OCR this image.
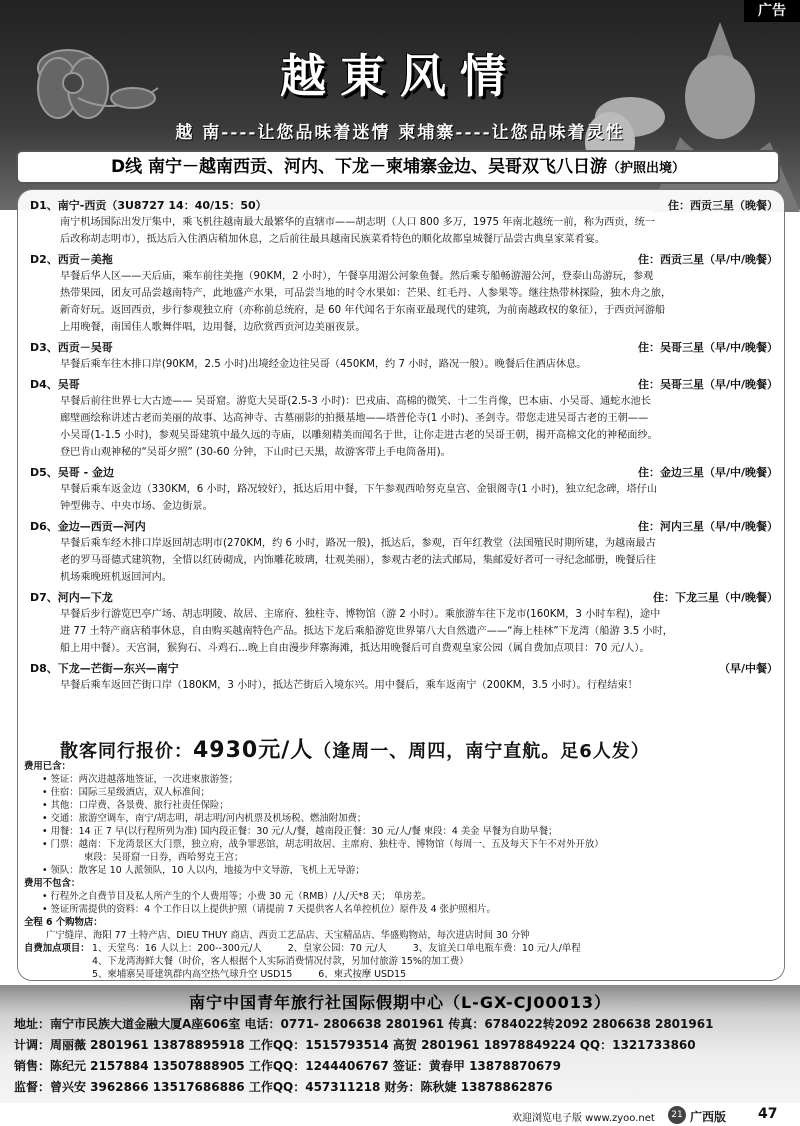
广告
越東风情
越 南----让您品味着迷情 柬埔寨----让您品味着灵性
D线 南宁－越南西贡、河内、下龙－柬埔寨金边、吴哥双飞八日游（护照出境）
D1、南宁-西贡（3U8727 14：40/15：50）	住：西贡三星（晚餐）
南宁机场国际出发厅集中，乘飞机往越南最大最繁华的直辖市——胡志明（人口 800 多万，1975 年南北越统一前，称为西贡，统一
后改称胡志明市），抵达后入住酒店稍加休息，之后前往最具越南民族菜肴特色的顺化故都皇城餐厅品尝古典皇家菜肴宴。
D2、西贡－美拖	住：西贡三星（早/中/晚餐）
早餐后华人区——天后庙，乘车前往美拖（90KM，2 小时），午餐享用湄公河象鱼餐。然后乘专船畅游湄公河，登泰山岛游玩，参观
热带果园，团友可品尝越南特产，此地盛产水果，可品尝当地的时令水果如：芒果、红毛丹、人参果等。继往热带林探险，独木舟之旅，
新奇好玩。返回西贡，步行参观独立府（亦称前总统府，是 60 年代闻名于东南亚最现代的建筑，为前南越政权的象征），于西贡河游船
上用晚餐，南国佳人歌舞伴唱，边用餐，边欣赏西贡河边美丽夜景。
D3、西贡－吴哥	住：吴哥三星（早/中/晚餐）
早餐后乘车往木排口岸(90KM，2.5 小时)出境经金边往吴哥（450KM，约 7 小时，路况一般）。晚餐后住酒店休息。
D4、吴哥	住：吴哥三星（早/中/晚餐）
早餐后前往世界七大古迹—— 吴哥窟。游览大吴哥(2.5-3 小时)：巴戎庙、高棉的微笑、十二生肖像，巴本庙、小吴哥、通蛇水池长
廊壁画绘称讲述古老而美丽的故事、达高神寺、古墓丽影的拍摄基地——塔普伦寺(1 小时)、圣剑寺。带您走进吴哥古老的王朝——
小吴哥(1-1.5 小时)，参观吴哥建筑中最久远的寺庙，以雕刻精美而闻名于世，让你走进古老的吴哥王朝，揭开高棉文化的神秘面纱。
登巴肯山观神秘的“吴哥夕照” (30-60 分钟，下山时已天黑，故游客带上手电筒备用)。
D5、吴哥 - 金边	住：金边三星（早/中/晚餐）
早餐后乘车返金边（330KM，6 小时，路况较好），抵达后用中餐，下午参观西哈努克皇宫、金银阁寺(1 小时)，独立纪念碑，塔仔山
钟型佛寺、中央市场、金边街景。
D6、金边—西贡—河内	住：河内三星（早/中/晚餐）
早餐后乘车经木排口岸返回胡志明市(270KM，约 6 小时，路况一般)，抵达后，参观，百年红教堂（法国殖民时期所建，为越南最古
老的罗马哥德式建筑物，全惜以红砖砌成，内饰雕花玻璃，壮观美丽），参观古老的法式邮局，集邮爱好者可一寻纪念邮册，晚餐后往
机场乘晚班机返回河内。
D7、河内—下龙	住：下龙三星（中/晚餐）
早餐后步行游览巴亭广场、胡志明陵、故居、主席府、独柱寺、博物馆（游 2 小时）。乘旅游车往下龙市(160KM，3 小时车程)，途中
进 77 土特产商店稍事休息，自由购买越南特色产品。抵达下龙后乘船游览世界第八大自然遗产——“海上桂林”下龙湾（船游 3.5 小时，
船上用中餐）。天宫洞，猴狗石、斗鸡石...晚上自由漫步拜寨海滩，抵达用晚餐后可自费观皇家公园（属自费加点项目：70 元/人）。
D8、下龙—芒街—东兴—南宁	（早/中餐）
早餐后乘车返回芒街口岸（180KM，3 小时），抵达芒街后入境东兴。用中餐后，乘车返南宁（200KM，3.5 小时）。行程结束！
散客同行报价：4930元/人（逢周一、周四，南宁直航。足6人发）
费用已含：
• 签证：两次进越落地签证，一次进柬旅游签；
• 住宿：国际三星级酒店，双人标准间；
• 其他：口岸费、各景费、旅行社责任保险；
• 交通：旅游空调车，南宁/胡志明，胡志明/河内机票及机场税、燃油附加费；
• 用餐：14 正 7 早(以行程所列为准) 国内段正餐：30 元/人/餐，越南段正餐：30 元/人/餐 柬段：4 美金 早餐为自助早餐；
• 门票：越南：下龙湾景区大门票，独立府，战争罪恶馆，胡志明故居、主席府、独柱寺、博物馆（每周一、五及每天下午不对外开放）
柬段：吴哥窟一日券，西哈努克王宫；
• 领队：散客足 10 人派领队，10 人以内，地接为中文导游，飞机上无导游；
费用不包含：
• 行程外之自费节目及私人所产生的个人费用等；小费 30 元（RMB）/人/天*8 天； 单房差。
• 签证所需提供的资料：4 个工作日以上提供护照（请提前 7 天提供客人名单控机位）原件及 4 张护照相片。
全程 6 个购物店：
广宁缝岸、海阳 77 土特产店、DIEU THUY 商店、西贡工艺品店、天宝精品店、华盛购物站，每次进店时间 30 分钟
自费加点项目： 1、天堂鸟：16 人以上：200--300元/人	2、皇家公园：70 元/人	3、友谊关口单电瓶车费：10 元/人/单程
4、下龙湾海鲜大餐（时价，客人根据个人实际消费情况付款，另加付旅游 15%的加工费）
5、柬埔寨吴哥建筑群内高空热气球升空 USD15	6、柬式按摩 USD15
南宁中国青年旅行社国际假期中心（L-GX-CJ00013）
地址：南宁市民族大道金融大厦A座606室 电话：0771- 2806638 2801961 传真：6784022转2092 2806638 2801961
计调：周丽薇 2801961 13878895918 工作QQ：1515793514 高贺 2801961 18978849224 QQ：1321733860
销售：陈纪元 2157884 13507888905 工作QQ：1244406767 签证：黄春甲 13878870679
监督：曾兴安 3962866 13517686886 工作QQ：457311218 财务：陈秋婕 13878862876
欢迎浏览电子版 www.zyoo.net	21 广西版 47
